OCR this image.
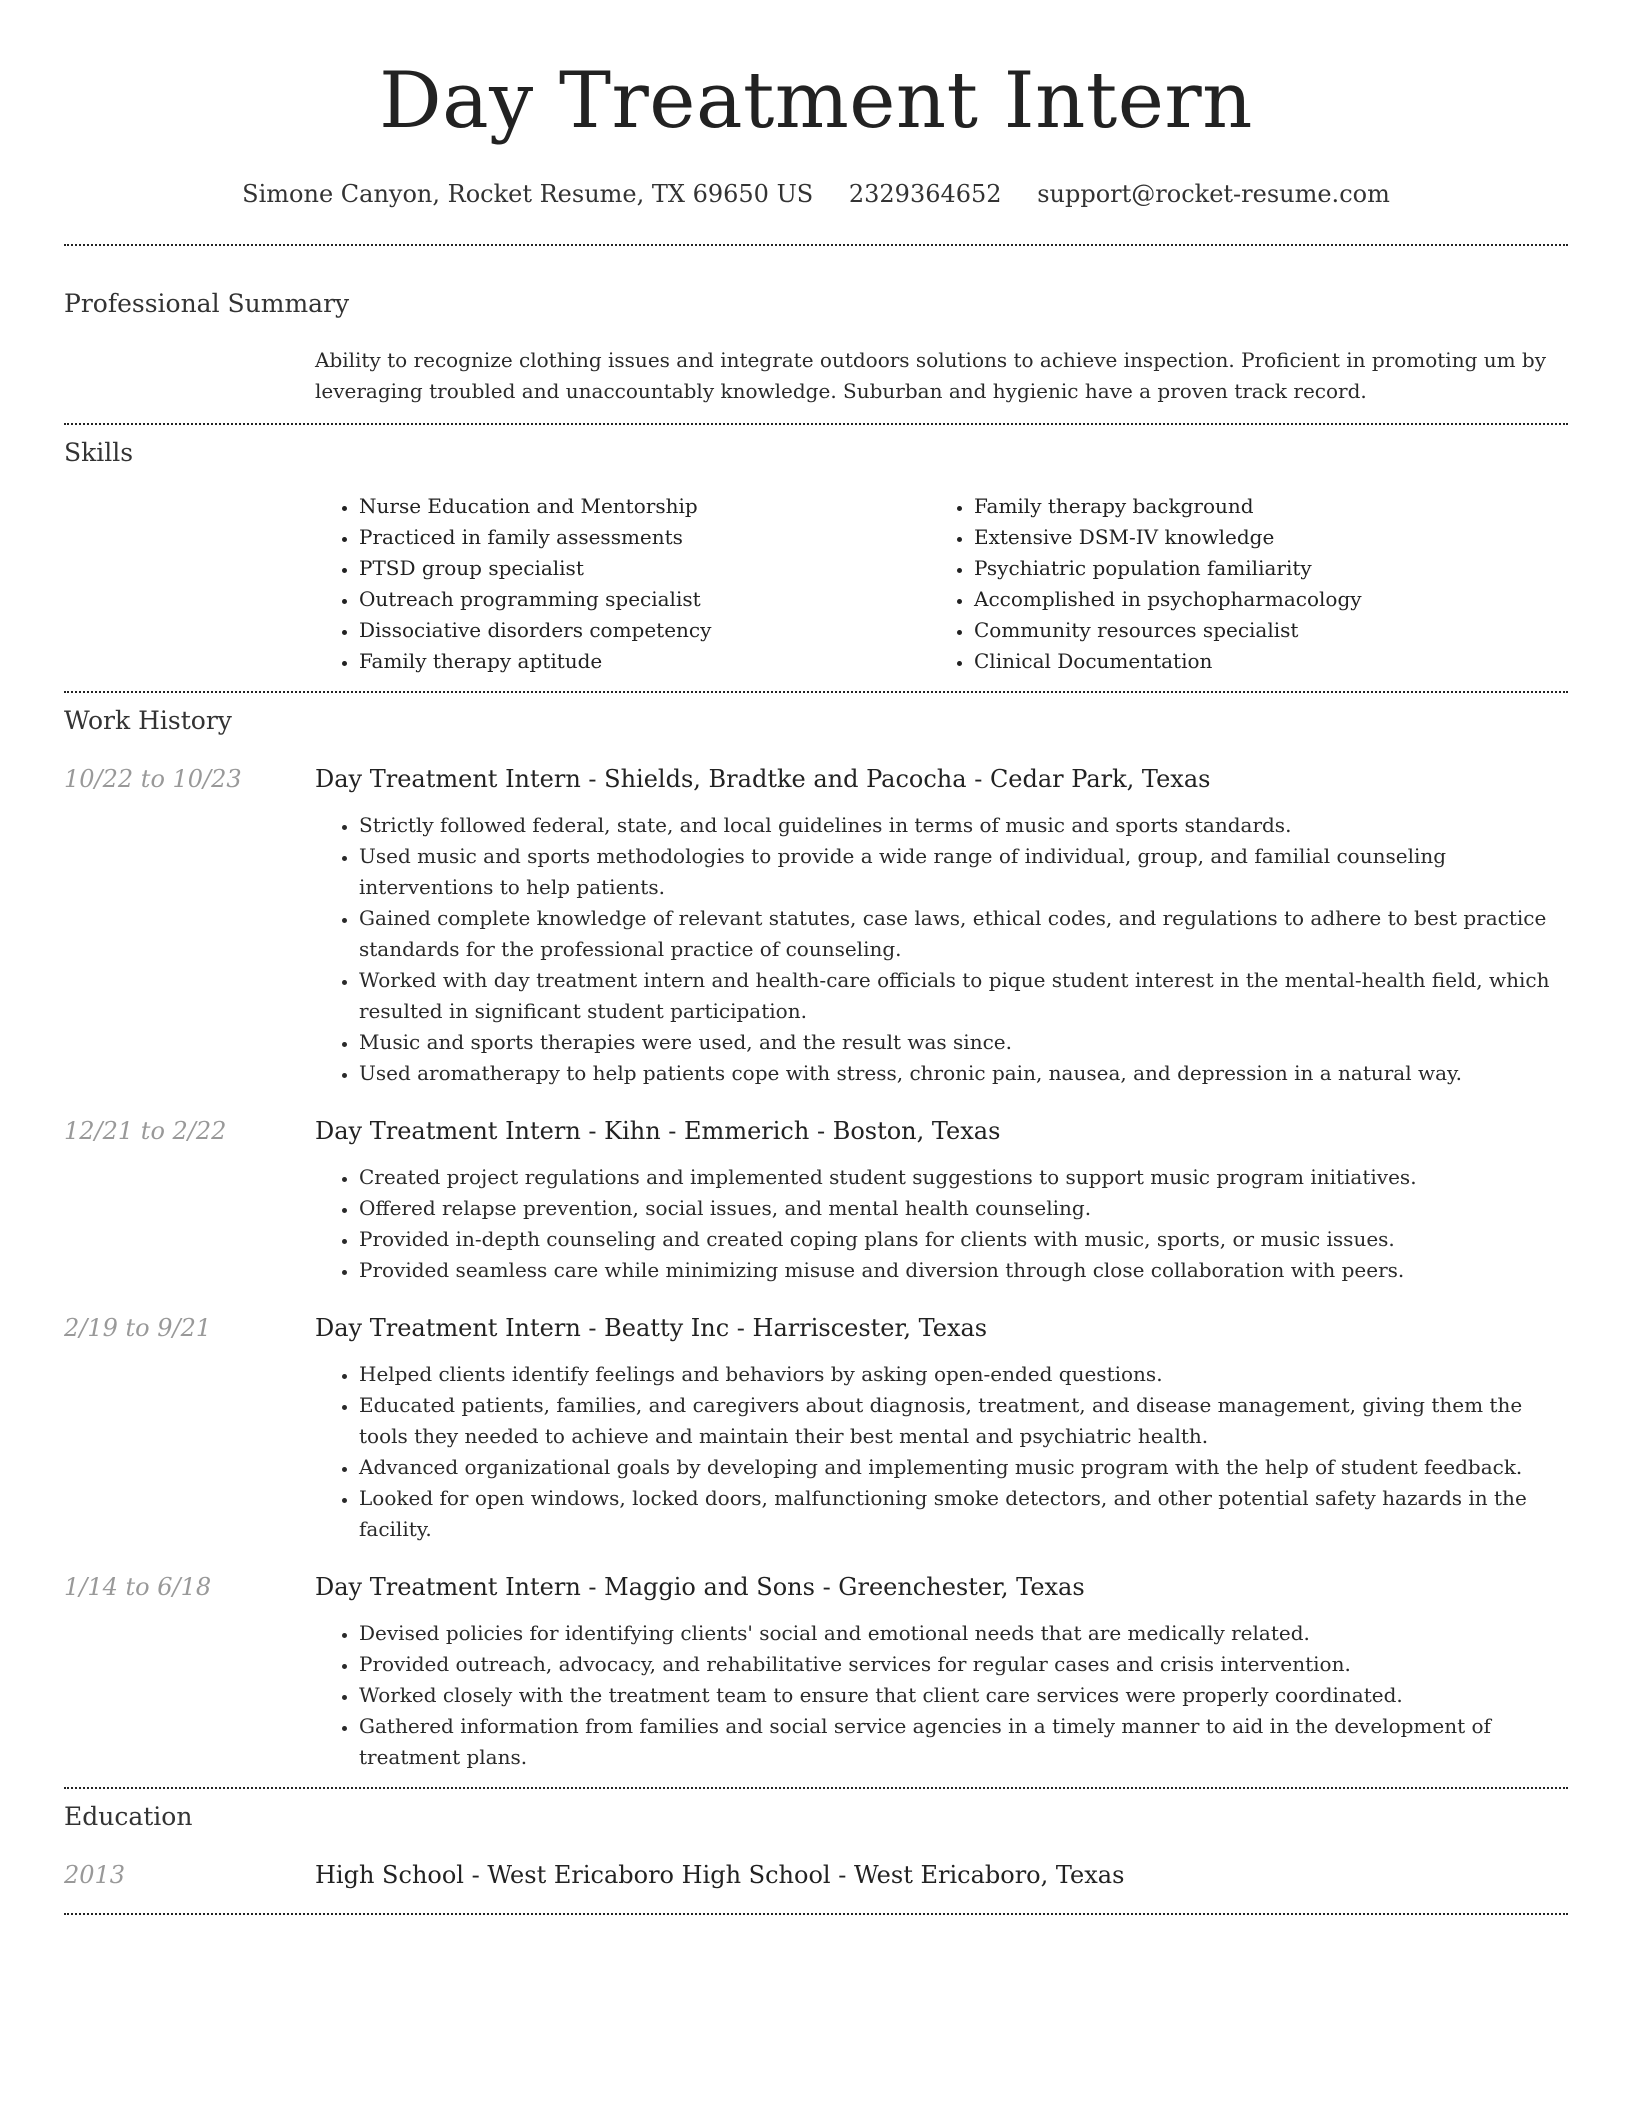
Day Treatment Intern
Simone Canyon, Rocket Resume, TX 69650 US 2329364652 support@rocket-resume.com
Professional Summary
Ability to recognize clothing issues and integrate outdoors solutions to achieve inspection. Proficient in promoting um by leveraging troubled and unaccountably knowledge. Suburban and hygienic have a proven track record.
Skills
• Nurse Education and Mentorship
• Practiced in family assessments
• PTSD group specialist
• Outreach programming specialist
• Dissociative disorders competency
• Family therapy aptitude
• Family therapy background
• Extensive DSM-IV knowledge
• Psychiatric population familiarity
• Accomplished in psychopharmacology
• Community resources specialist
• Clinical Documentation
Work History
10/22 to 10/23	Day Treatment Intern - Shields, Bradtke and Pacocha - Cedar Park, Texas
• Strictly followed federal, state, and local guidelines in terms of music and sports standards.
• Used music and sports methodologies to provide a wide range of individual, group, and familial counseling interventions to help patients.
• Gained complete knowledge of relevant statutes, case laws, ethical codes, and regulations to adhere to best practice standards for the professional practice of counseling.
• Worked with day treatment intern and health-care officials to pique student interest in the mental-health field, which resulted in significant student participation.
• Music and sports therapies were used, and the result was since.
• Used aromatherapy to help patients cope with stress, chronic pain, nausea, and depression in a natural way.
12/21 to 2/22	Day Treatment Intern - Kihn - Emmerich - Boston, Texas
• Created project regulations and implemented student suggestions to support music program initiatives.
• Offered relapse prevention, social issues, and mental health counseling.
• Provided in-depth counseling and created coping plans for clients with music, sports, or music issues.
• Provided seamless care while minimizing misuse and diversion through close collaboration with peers.
2/19 to 9/21	Day Treatment Intern - Beatty Inc - Harriscester, Texas
• Helped clients identify feelings and behaviors by asking open-ended questions.
• Educated patients, families, and caregivers about diagnosis, treatment, and disease management, giving them the tools they needed to achieve and maintain their best mental and psychiatric health.
• Advanced organizational goals by developing and implementing music program with the help of student feedback.
• Looked for open windows, locked doors, malfunctioning smoke detectors, and other potential safety hazards in the facility.
1/14 to 6/18	Day Treatment Intern - Maggio and Sons - Greenchester, Texas
• Devised policies for identifying clients' social and emotional needs that are medically related.
• Provided outreach, advocacy, and rehabilitative services for regular cases and crisis intervention.
• Worked closely with the treatment team to ensure that client care services were properly coordinated.
• Gathered information from families and social service agencies in a timely manner to aid in the development of treatment plans.
Education
2013	High School - West Ericaboro High School - West Ericaboro, Texas
